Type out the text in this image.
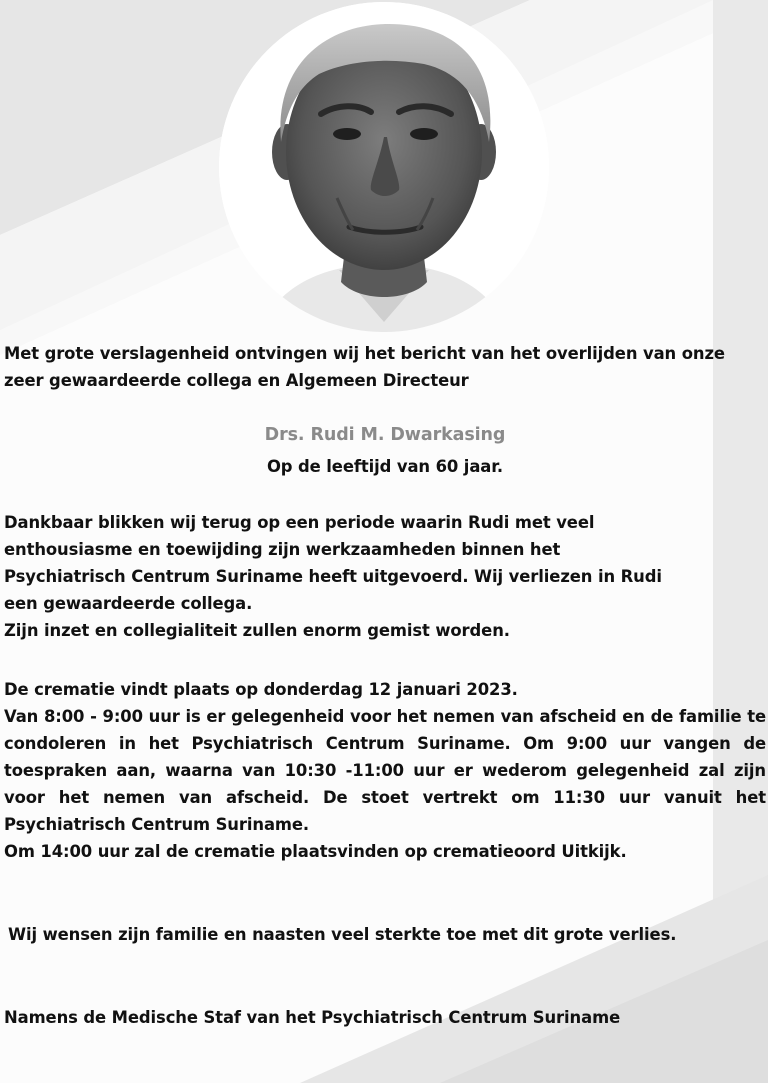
Met grote verslagenheid ontvingen wij het bericht van het overlijden van onze zeer gewaardeerde collega en Algemeen Directeur

Drs. Rudi M. Dwarkasing

Op de leeftijd van 60 jaar.

Dankbaar blikken wij terug op een periode waarin Rudi met veel
enthousiasme en toewijding zijn werkzaamheden binnen het
Psychiatrisch Centrum Suriname heeft uitgevoerd. Wij verliezen in Rudi
een gewaardeerde collega.
Zijn inzet en collegialiteit zullen enorm gemist worden.

De crematie vindt plaats op donderdag 12 januari 2023.

Van 8:00 - 9:00 uur is er gelegenheid voor het nemen van afscheid en de familie te condoleren in het Psychiatrisch Centrum Suriname. Om 9:00 uur vangen de toespraken aan, waarna van 10:30 -11:00 uur er wederom gelegenheid zal zijn voor het nemen van afscheid. De stoet vertrekt om 11:30 uur vanuit het Psychiatrisch Centrum Suriname.

Om 14:00 uur zal de crematie plaatsvinden op crematieoord Uitkijk.

Wij wensen zijn familie en naasten veel sterkte toe met dit grote verlies.

Namens de Medische Staf van het Psychiatrisch Centrum Suriname
